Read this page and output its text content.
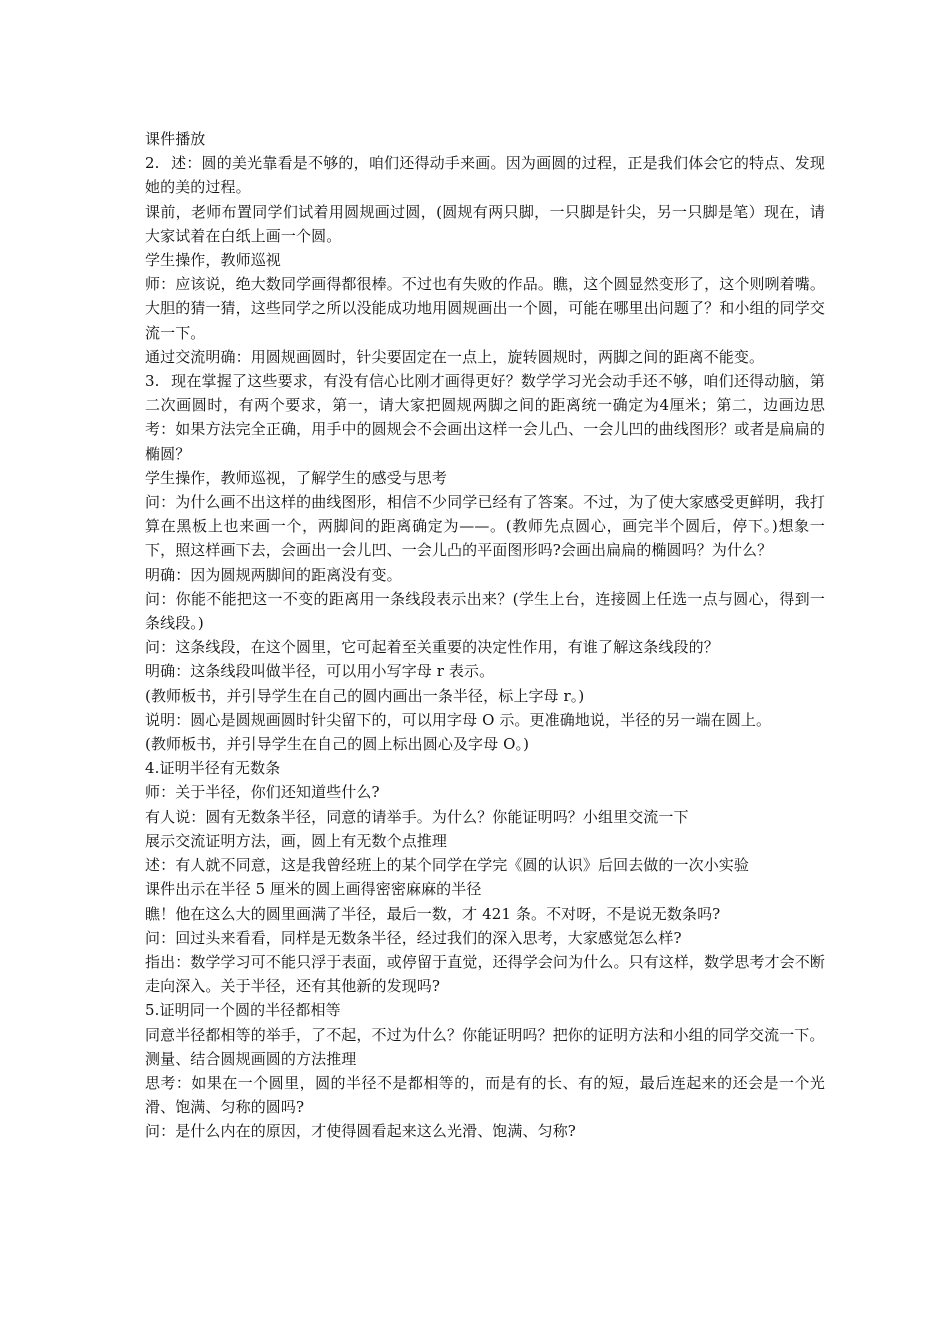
课件播放

2. 述：圆的美光靠看是不够的，咱们还得动手来画。因为画圆的过程，正是我们体会它的特点、发现她的美的过程。

课前，老师布置同学们试着用圆规画过圆，(圆规有两只脚，一只脚是针尖，另一只脚是笔）现在，请大家试着在白纸上画一个圆。

学生操作，教师巡视

师：应该说，绝大数同学画得都很棒。不过也有失败的作品。瞧，这个圆显然变形了，这个则咧着嘴。大胆的猜一猜，这些同学之所以没能成功地用圆规画出一个圆，可能在哪里出问题了？和小组的同学交流一下。

通过交流明确：用圆规画圆时，针尖要固定在一点上，旋转圆规时，两脚之间的距离不能变。

3. 现在掌握了这些要求，有没有信心比刚才画得更好？数学学习光会动手还不够，咱们还得动脑，第二次画圆时，有两个要求，第一，请大家把圆规两脚之间的距离统一确定为4厘米；第二，边画边思考：如果方法完全正确，用手中的圆规会不会画出这样一会儿凸、一会儿凹的曲线图形？或者是扁扁的椭圆？

学生操作，教师巡视，了解学生的感受与思考

问：为什么画不出这样的曲线图形，相信不少同学已经有了答案。不过，为了使大家感受更鲜明，我打算在黑板上也来画一个，两脚间的距离确定为——。(教师先点圆心，画完半个圆后，停下。)想象一下，照这样画下去，会画出一会儿凹、一会儿凸的平面图形吗?会画出扁扁的椭圆吗？为什么？

明确：因为圆规两脚间的距离没有变。

问：你能不能把这一不变的距离用一条线段表示出来？(学生上台，连接圆上任选一点与圆心，得到一条线段。)

问：这条线段，在这个圆里，它可起着至关重要的决定性作用，有谁了解这条线段的？

明确：这条线段叫做半径，可以用小写字母 r 表示。

(教师板书，并引导学生在自己的圆内画出一条半径，标上字母 r。)

说明：圆心是圆规画圆时针尖留下的，可以用字母 O 示。更准确地说，半径的另一端在圆上。

(教师板书，并引导学生在自己的圆上标出圆心及字母 O。)

4.证明半径有无数条

师：关于半径，你们还知道些什么?

有人说：圆有无数条半径，同意的请举手。为什么？你能证明吗？小组里交流一下

展示交流证明方法，画，圆上有无数个点推理

述：有人就不同意，这是我曾经班上的某个同学在学完《圆的认识》后回去做的一次小实验

课件出示在半径 5 厘米的圆上画得密密麻麻的半径

瞧！他在这么大的圆里画满了半径，最后一数，才 421 条。不对呀，不是说无数条吗?

问：回过头来看看，同样是无数条半径，经过我们的深入思考，大家感觉怎么样?

指出：数学学习可不能只浮于表面，或停留于直觉，还得学会问为什么。只有这样，数学思考才会不断走向深入。关于半径，还有其他新的发现吗?

5.证明同一个圆的半径都相等

同意半径都相等的举手，了不起，不过为什么？你能证明吗？把你的证明方法和小组的同学交流一下。

测量、结合圆规画圆的方法推理

思考：如果在一个圆里，圆的半径不是都相等的，而是有的长、有的短，最后连起来的还会是一个光滑、饱满、匀称的圆吗?

问：是什么内在的原因，才使得圆看起来这么光滑、饱满、匀称?
